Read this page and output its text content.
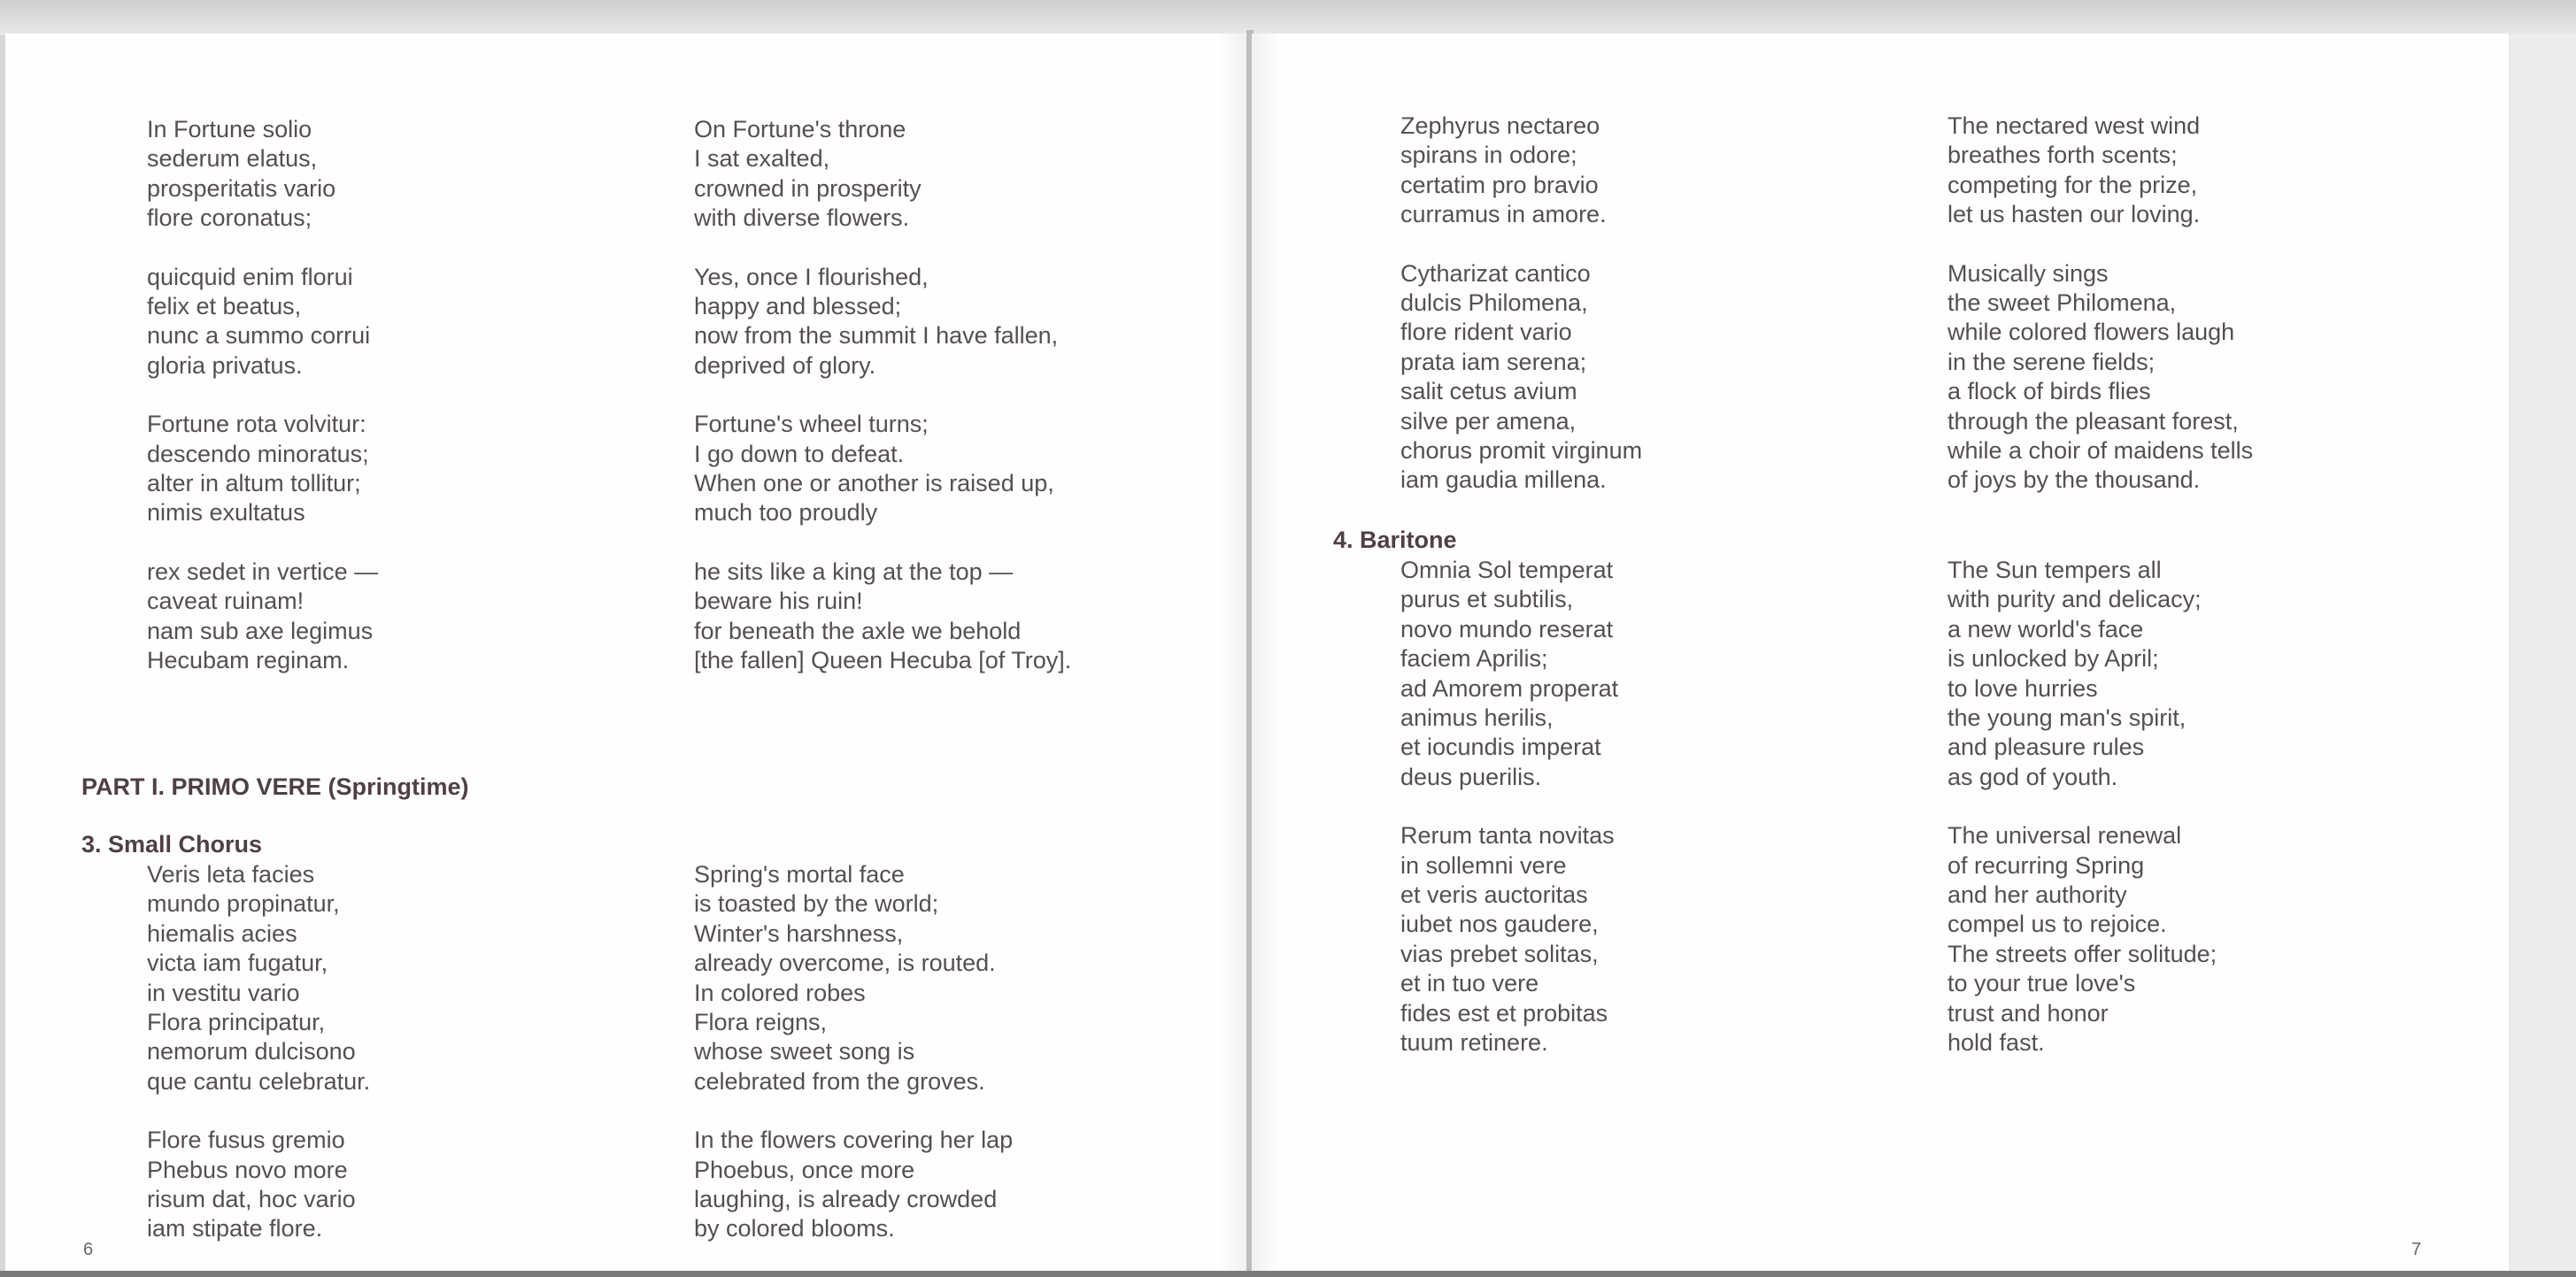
In Fortune solio
sederum elatus,
prosperitatis vario
flore coronatus;
quicquid enim florui
felix et beatus,
nunc a summo corrui
gloria privatus.
Fortune rota volvitur:
descendo minoratus;
alter in altum tollitur;
nimis exultatus
rex sedet in vertice —
caveat ruinam!
nam sub axe legimus
Hecubam reginam.
On Fortune's throne
I sat exalted,
crowned in prosperity
with diverse flowers.
Yes, once I flourished,
happy and blessed;
now from the summit I have fallen,
deprived of glory.
Fortune's wheel turns;
I go down to defeat.
When one or another is raised up,
much too proudly
he sits like a king at the top —
beware his ruin!
for beneath the axle we behold
[the fallen] Queen Hecuba [of Troy].
PART I. PRIMO VERE (Springtime)
3. Small Chorus
Veris leta facies
mundo propinatur,
hiemalis acies
victa iam fugatur,
in vestitu vario
Flora principatur,
nemorum dulcisono
que cantu celebratur.
Flore fusus gremio
Phebus novo more
risum dat, hoc vario
iam stipate flore.
Spring's mortal face
is toasted by the world;
Winter's harshness,
already overcome, is routed.
In colored robes
Flora reigns,
whose sweet song is
celebrated from the groves.
In the flowers covering her lap
Phoebus, once more
laughing, is already crowded
by colored blooms.
6
Zephyrus nectareo
spirans in odore;
certatim pro bravio
curramus in amore.
Cytharizat cantico
dulcis Philomena,
flore rident vario
prata iam serena;
salit cetus avium
silve per amena,
chorus promit virginum
iam gaudia millena.
The nectared west wind
breathes forth scents;
competing for the prize,
let us hasten our loving.
Musically sings
the sweet Philomena,
while colored flowers laugh
in the serene fields;
a flock of birds flies
through the pleasant forest,
while a choir of maidens tells
of joys by the thousand.
4. Baritone
Omnia Sol temperat
purus et subtilis,
novo mundo reserat
faciem Aprilis;
ad Amorem properat
animus herilis,
et iocundis imperat
deus puerilis.
Rerum tanta novitas
in sollemni vere
et veris auctoritas
iubet nos gaudere,
vias prebet solitas,
et in tuo vere
fides est et probitas
tuum retinere.
The Sun tempers all
with purity and delicacy;
a new world's face
is unlocked by April;
to love hurries
the young man's spirit,
and pleasure rules
as god of youth.
The universal renewal
of recurring Spring
and her authority
compel us to rejoice.
The streets offer solitude;
to your true love's
trust and honor
hold fast.
7
